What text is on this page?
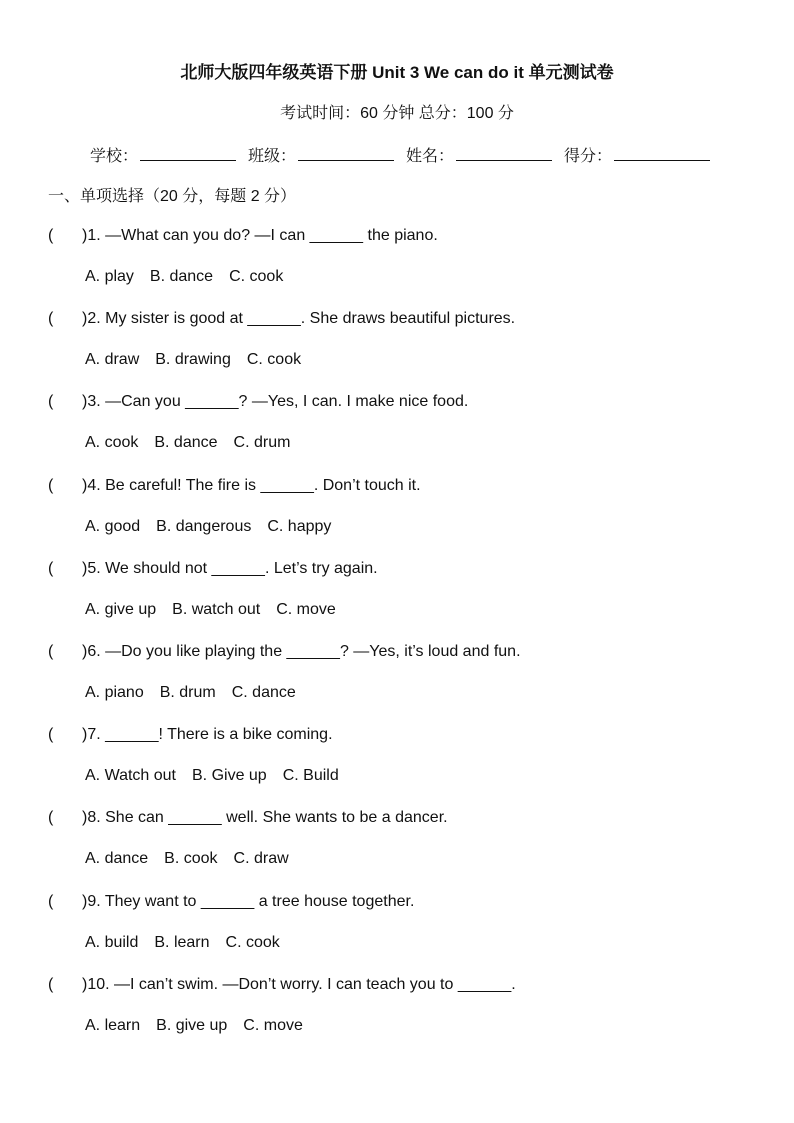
北师大版四年级英语下册 Unit 3 We can do it 单元测试卷
考试时间：60 分钟 总分：100 分
学校：	班级：	姓名：	得分：
一、单项选择（20 分，每题 2 分）
(	)1. —What can you do? —I can ______ the piano.
A. play B. dance C. cook
(	)2. My sister is good at ______. She draws beautiful pictures.
A. draw B. drawing C. cook
(	)3. —Can you ______? —Yes, I can. I make nice food.
A. cook B. dance C. drum
(	)4. Be careful! The fire is ______. Don’t touch it.
A. good B. dangerous C. happy
(	)5. We should not ______. Let’s try again.
A. give up B. watch out C. move
(	)6. —Do you like playing the ______? —Yes, it’s loud and fun.
A. piano B. drum C. dance
(	)7. ______! There is a bike coming.
A. Watch out B. Give up C. Build
(	)8. She can ______ well. She wants to be a dancer.
A. dance B. cook C. draw
(	)9. They want to ______ a tree house together.
A. build B. learn C. cook
(	)10. —I can’t swim. —Don’t worry. I can teach you to ______.
A. learn B. give up C. move
